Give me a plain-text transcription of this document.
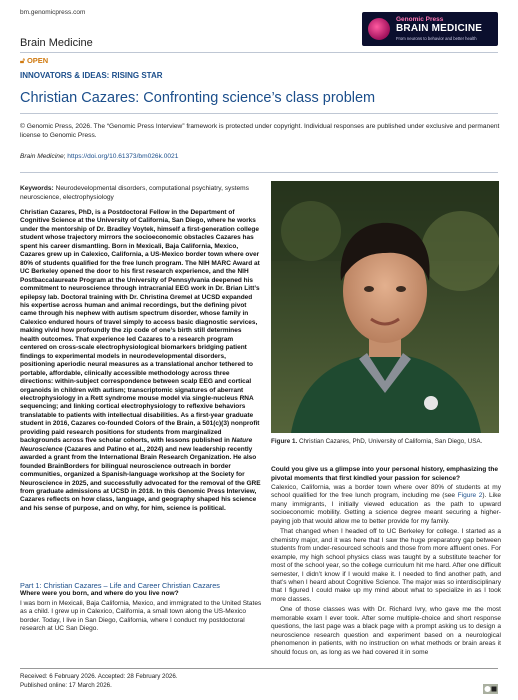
bm.genomicpress.com
Genomic Press
BRAIN MEDICINE
From neurons to behavior and better health
Brain Medicine
🔓︎ OPEN
INNOVATORS & IDEAS: RISING STAR
Christian Cazares: Confronting science’s class problem
© Genomic Press, 2026. The “Genomic Press Interview” framework is protected under copyright. Individual responses are published under exclusive and permanent license to Genomic Press.
Brain Medicine; https://doi.org/10.61373/bm026k.0021
Keywords: Neurodevelopmental disorders, computational psychiatry, systems neuroscience, electrophysiology
Christian Cazares, PhD, is a Postdoctoral Fellow in the Department of Cognitive Science at the University of California, San Diego, where he works under the mentorship of Dr. Bradley Voytek, himself a first-generation college student whose trajectory mirrors the socioeconomic obstacles Cazares has spent his career dismantling. Born in Mexicali, Baja California, Mexico, Cazares grew up in Calexico, California, a US-Mexico border town where over 80% of students qualified for the free lunch program. The NIH MARC Award at UC Berkeley opened the door to his first research experience, and the NIH Postbaccalaureate Program at the University of Pennsylvania deepened his commitment to neuroscience through intracranial EEG work in Dr. Brian Litt’s epilepsy lab. Doctoral training with Dr. Christina Gremel at UCSD expanded his expertise across human and animal recordings, but the defining pivot came through his nephew with autism spectrum disorder, whose family in Calexico endured hours of travel simply to access basic diagnostic services, making vivid how profoundly the zip code of one’s birth still determines health outcomes. That experience led Cazares to a research program centered on cross-scale electrophysiological biomarkers bridging patient findings to experimental models in neurodevelopmental disorders, positioning aperiodic neural measures as a translational anchor tethered to portable, affordable, clinically accessible methodology across three directions: within-subject correspondence between scalp EEG and cortical organoids in children with autism; transcriptomic signatures of aberrant electrophysiology in a Rett syndrome mouse model via single-nucleus RNA sequencing; and linking cortical electrophysiology to reflexive behaviors translatable to patients with intellectual disabilities. As a first-year graduate student in 2016, Cazares co-founded Colors of the Brain, a 501(c)(3) nonprofit providing paid research positions for students from marginalized backgrounds across five scholar cohorts, with lessons published in Nature Neuroscience (Cazares and Patino et al., 2024) and new leadership recently awarded a grant from the International Brain Research Organization. He also founded BrainBorders for bilingual neuroscience outreach in border communities, organized a Spanish-language workshop at the Society for Neuroscience in 2025, and successfully advocated for the removal of the GRE from graduate admissions at UCSD in 2018. In this Genomic Press Interview, Cazares reflects on how class, language, and geography shaped his science and his sense of purpose, and on why, for him, science is political.
Figure 1. Christian Cazares, PhD, University of California, San Diego, USA.
Could you give us a glimpse into your personal history, emphasizing the pivotal moments that first kindled your passion for science?

Calexico, California, was a border town where over 80% of students at my school qualified for the free lunch program, including me (see Figure 2). Like many immigrants, I initially viewed education as the path to upward socioeconomic mobility. Getting a science degree meant securing a higher-paying job that would allow me to better provide for my family.

That changed when I headed off to UC Berkeley for college. I started as a chemistry major, and it was here that I saw the huge preparatory gap between students from under-resourced schools and those from more affluent ones. For example, my high school physics class was taught by a substitute teacher for most of the school year, so the college curriculum hit me hard. After one difficult semester, I didn’t know if I would make it. I needed to find another path, and that’s when I heard about Cognitive Science. The major was so interdisciplinary that I figured I could make up my mind about what to specialize in as I took more classes.

One of those classes was with Dr. Richard Ivry, who gave me the most memorable exam I ever took. After some multiple-choice and short response questions, the last page was a black page with a prompt asking us to design a neuroscience research question and experiment based on a neurological phenomenon in patients, with no instruction on what methods or brain areas it should focus on, as long as we had covered it in some

Part 1: Christian Cazares – Life and Career Christian Cazares
Where were you born, and where do you live now?
I was born in Mexicali, Baja California, Mexico, and immigrated to the United States as a child. I grew up in Calexico, California, a small town along the US-Mexico border. Today, I live in San Diego, California, where I conduct my postdoctoral research at UC San Diego.
Received: 6 February 2026. Accepted: 28 February 2026.
Published online: 17 March 2026.
